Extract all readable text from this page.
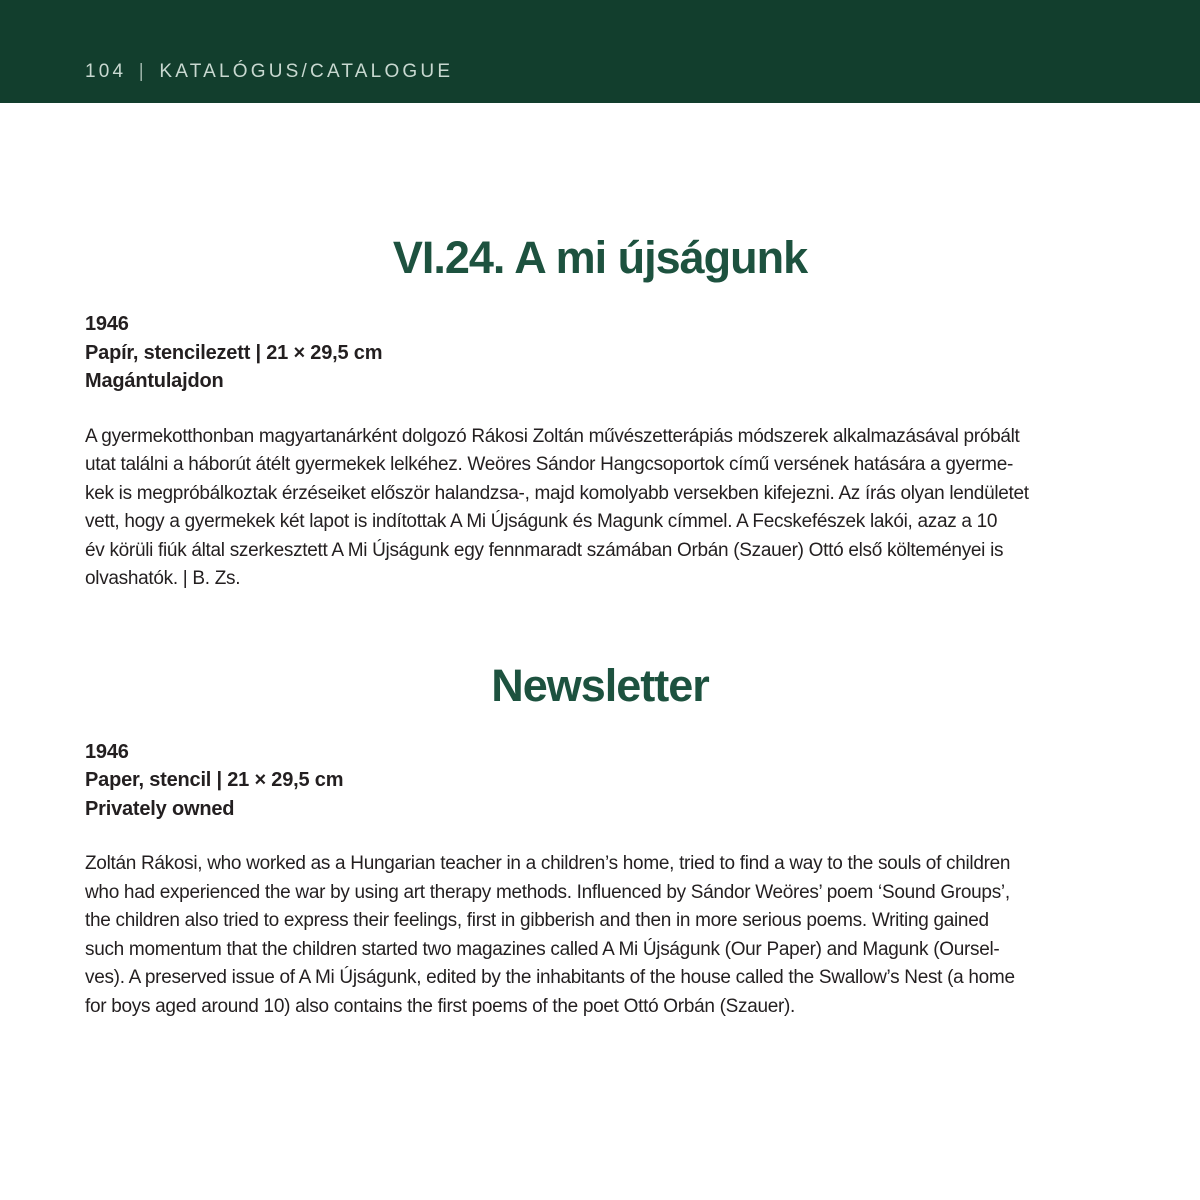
104 | KATALÓGUS/CATALOGUE
VI.24. A mi újságunk
1946
Papír, stencilezett | 21 × 29,5 cm
Magántulajdon
A gyermekotthonban magyartanárként dolgozó Rákosi Zoltán művészetterápiás módszerek alkalmazásával próbált
utat találni a háborút átélt gyermekek lelkéhez. Weöres Sándor Hangcsoportok című versének hatására a gyerme-
kek is megpróbálkoztak érzéseiket először halandzsa-, majd komolyabb versekben kifejezni. Az írás olyan lendületet
vett, hogy a gyermekek két lapot is indítottak A Mi Újságunk és Magunk címmel. A Fecskefészek lakói, azaz a 10
év körüli fiúk által szerkesztett A Mi Újságunk egy fennmaradt számában Orbán (Szauer) Ottó első költeményei is
olvashatók. | B. Zs.
Newsletter
1946
Paper, stencil | 21 × 29,5 cm
Privately owned
Zoltán Rákosi, who worked as a Hungarian teacher in a children’s home, tried to find a way to the souls of children
who had experienced the war by using art therapy methods. Influenced by Sándor Weöres’ poem ‘Sound Groups’,
the children also tried to express their feelings, first in gibberish and then in more serious poems. Writing gained
such momentum that the children started two magazines called A Mi Újságunk (Our Paper) and Magunk (Oursel-
ves). A preserved issue of A Mi Újságunk, edited by the inhabitants of the house called the Swallow’s Nest (a home
for boys aged around 10) also contains the first poems of the poet Ottó Orbán (Szauer).
